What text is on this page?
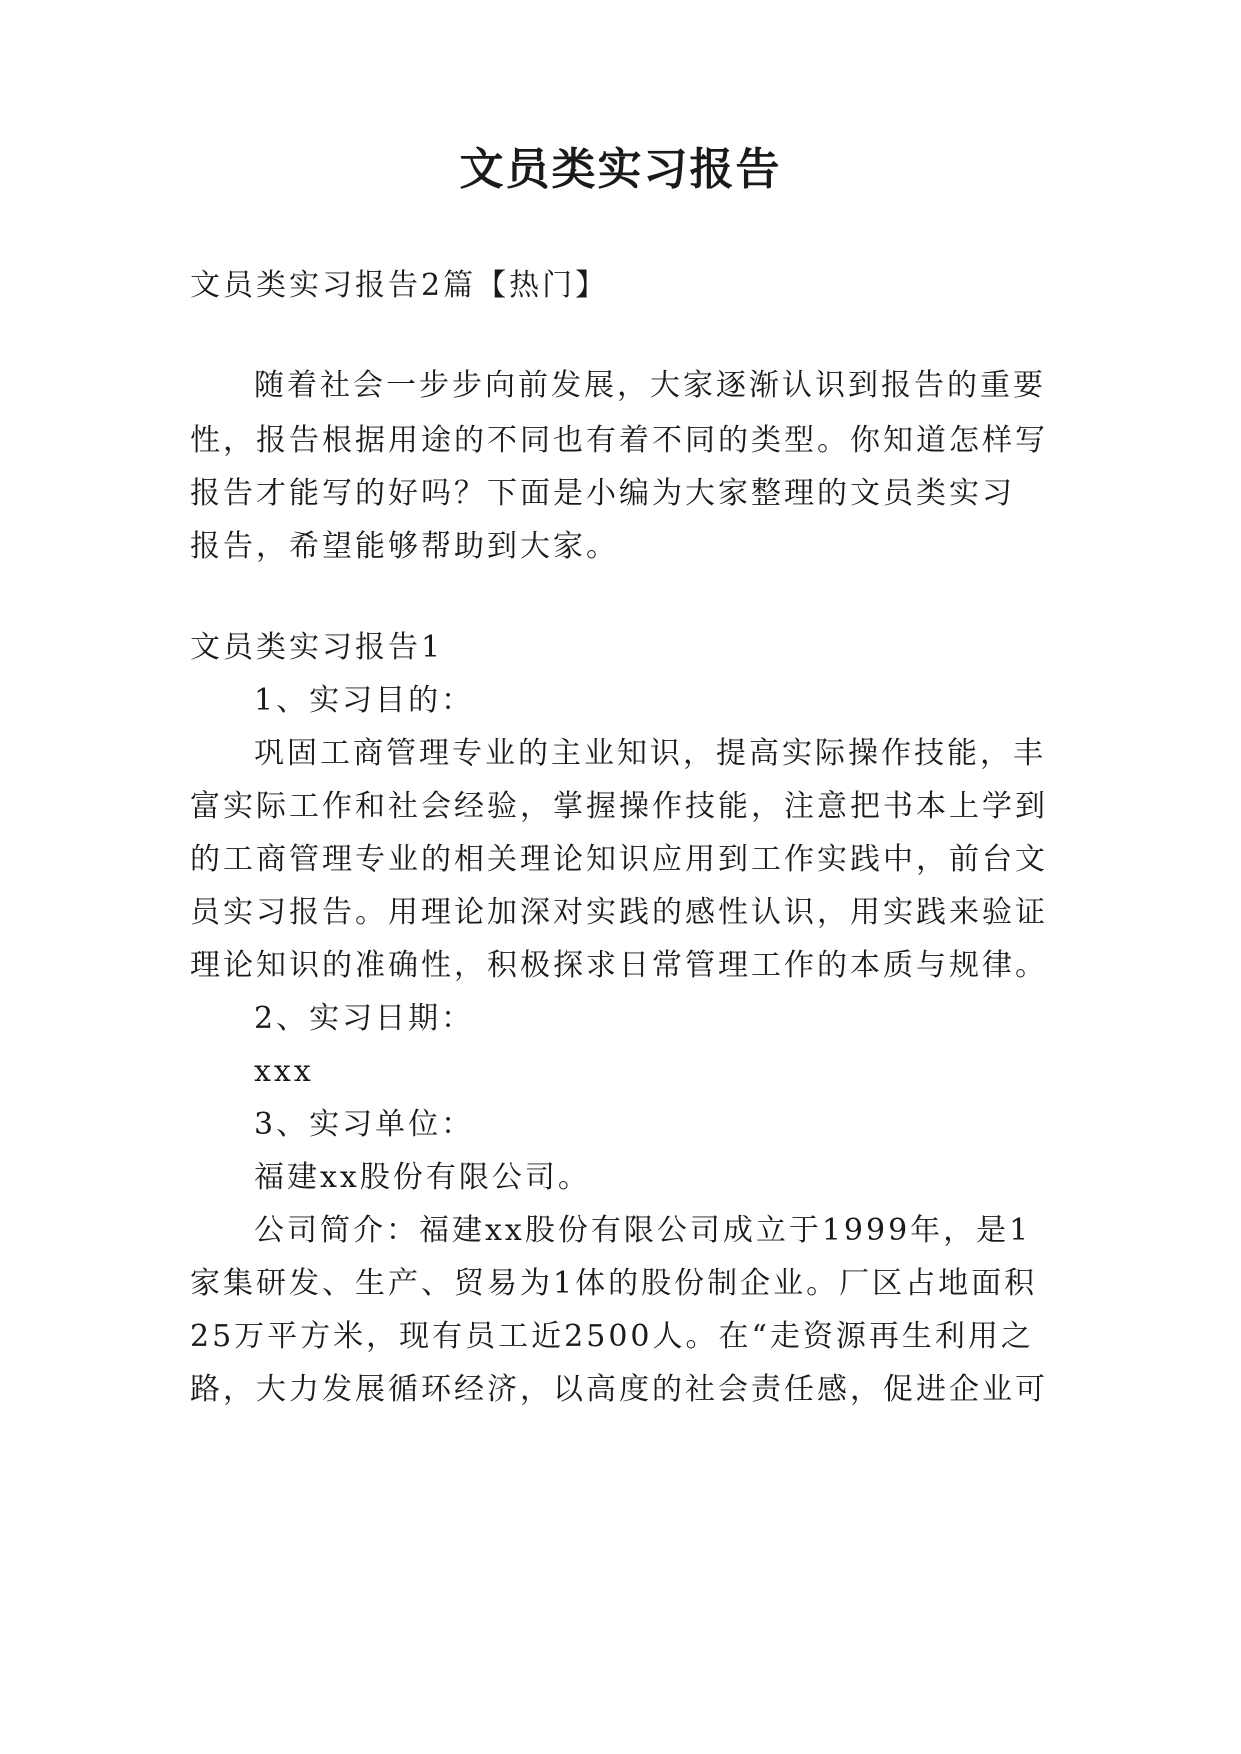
文员类实习报告
文员类实习报告2篇【热门】
随着社会一步步向前发展，大家逐渐认识到报告的重要
性，报告根据用途的不同也有着不同的类型。你知道怎样写
报告才能写的好吗？下面是小编为大家整理的文员类实习
报告，希望能够帮助到大家。
文员类实习报告1
1、实习目的：
巩固工商管理专业的主业知识，提高实际操作技能，丰
富实际工作和社会经验，掌握操作技能，注意把书本上学到
的工商管理专业的相关理论知识应用到工作实践中，前台文
员实习报告。用理论加深对实践的感性认识，用实践来验证
理论知识的准确性，积极探求日常管理工作的本质与规律。
2、实习日期：
xxx
3、实习单位：
福建xx股份有限公司。
公司简介：福建xx股份有限公司成立于1999年，是1
家集研发、生产、贸易为1体的股份制企业。厂区占地面积
25万平方米，现有员工近2500人。在“走资源再生利用之
路，大力发展循环经济，以高度的社会责任感，促进企业可
